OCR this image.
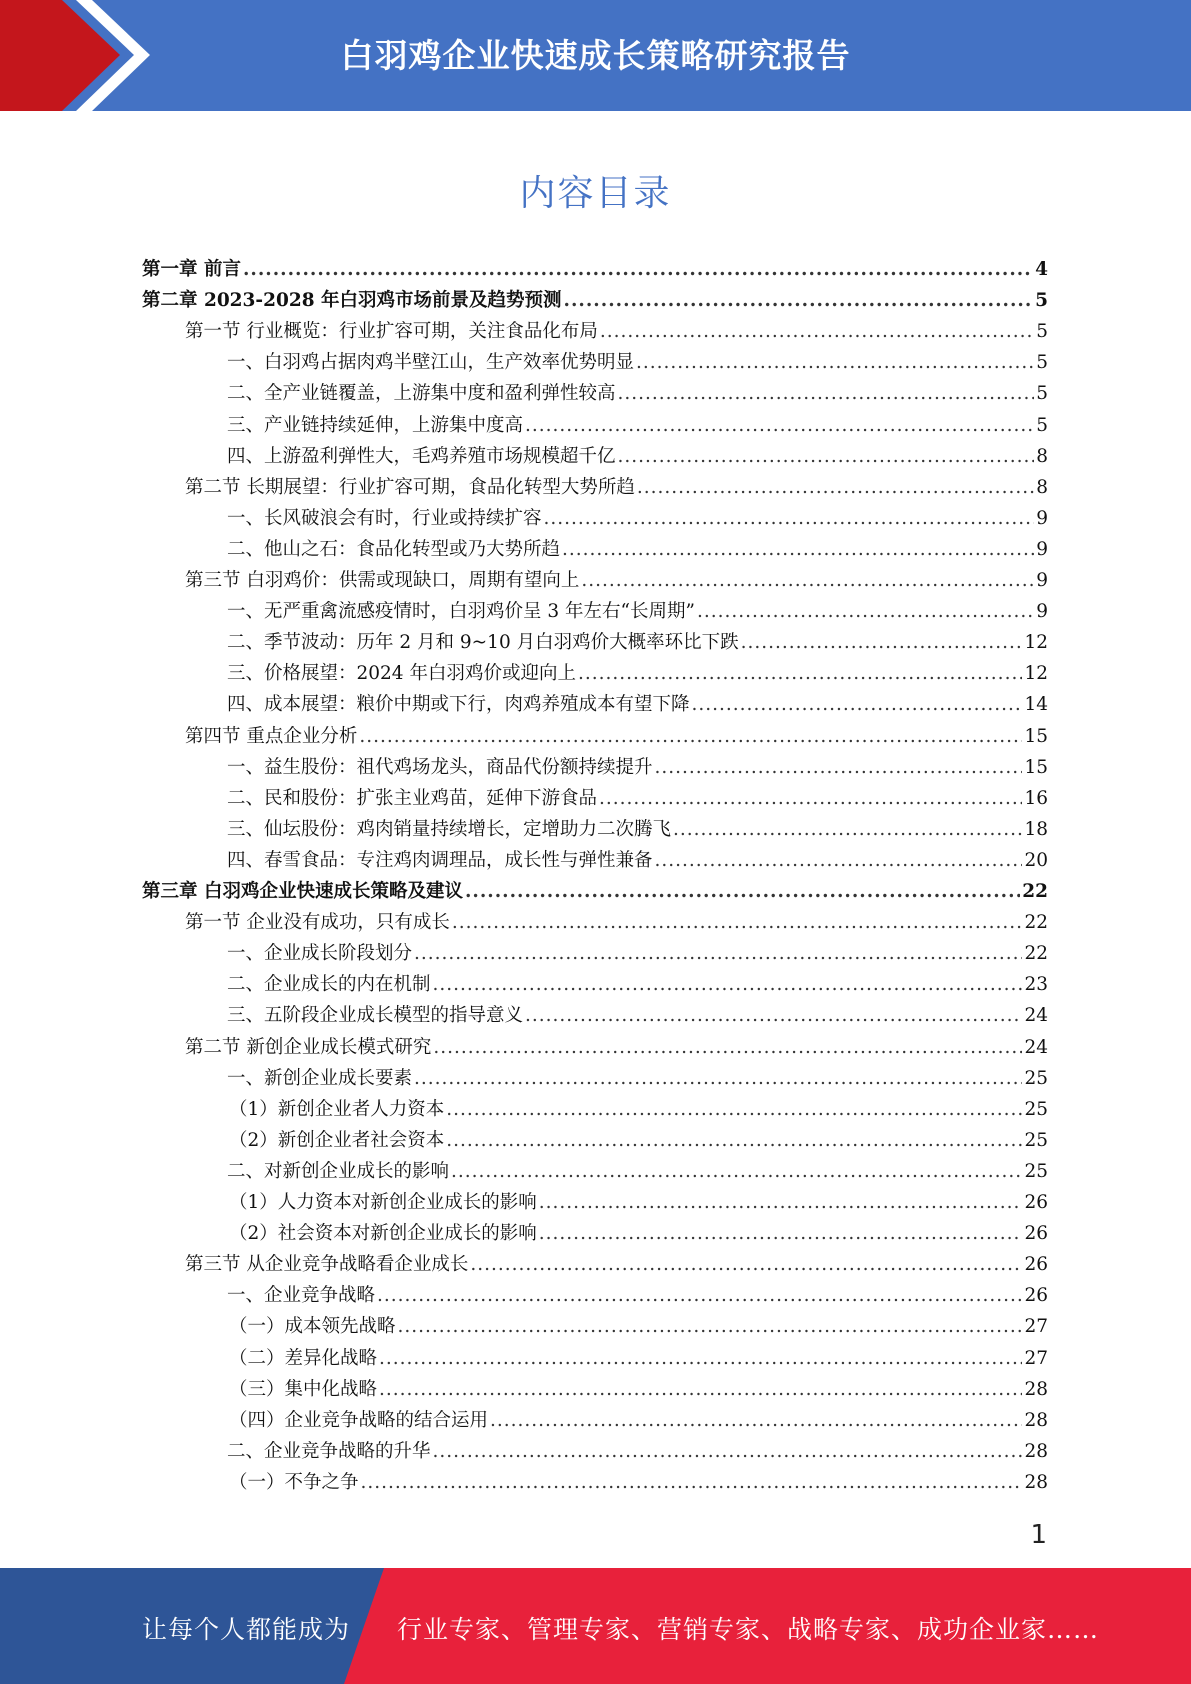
白羽鸡企业快速成长策略研究报告
内容目录
第一章 前言 .....	4
第二章 2023-2028 年白羽鸡市场前景及趋势预测 .....	5
第一节 行业概览：行业扩容可期，关注食品化布局 .....	5
一、白羽鸡占据肉鸡半壁江山，生产效率优势明显 .....	5
二、全产业链覆盖，上游集中度和盈利弹性较高 .....	5
三、产业链持续延伸，上游集中度高 .....	5
四、上游盈利弹性大，毛鸡养殖市场规模超千亿 .....	8
第二节 长期展望：行业扩容可期，食品化转型大势所趋 .....	8
一、长风破浪会有时，行业或持续扩容 .....	9
二、他山之石：食品化转型或乃大势所趋 .....	9
第三节 白羽鸡价：供需或现缺口，周期有望向上 .....	9
一、无严重禽流感疫情时，白羽鸡价呈 3 年左右“长周期” .....	9
二、季节波动：历年 2 月和 9~10 月白羽鸡价大概率环比下跌 .....	12
三、价格展望：2024 年白羽鸡价或迎向上 .....	12
四、成本展望：粮价中期或下行，肉鸡养殖成本有望下降 .....	14
第四节 重点企业分析 .....	15
一、益生股份：祖代鸡场龙头，商品代份额持续提升 .....	15
二、民和股份：扩张主业鸡苗，延伸下游食品 .....	16
三、仙坛股份：鸡肉销量持续增长，定增助力二次腾飞 .....	18
四、春雪食品：专注鸡肉调理品，成长性与弹性兼备 .....	20
第三章 白羽鸡企业快速成长策略及建议 .....	22
第一节 企业没有成功，只有成长 .....	22
一、企业成长阶段划分 .....	22
二、企业成长的内在机制 .....	23
三、五阶段企业成长模型的指导意义 .....	24
第二节 新创企业成长模式研究 .....	24
一、新创企业成长要素 .....	25
（1）新创企业者人力资本 .....	25
（2）新创企业者社会资本 .....	25
二、对新创企业成长的影响 .....	25
（1）人力资本对新创企业成长的影响 .....	26
（2）社会资本对新创企业成长的影响 .....	26
第三节 从企业竞争战略看企业成长 .....	26
一、企业竞争战略 .....	26
（一）成本领先战略 .....	27
（二）差异化战略 .....	27
（三）集中化战略 .....	28
（四）企业竞争战略的结合运用 .....	28
二、企业竞争战略的升华 .....	28
（一）不争之争 .....	28
1
让每个人都能成为 行业专家、管理专家、营销专家、战略专家、成功企业家……
